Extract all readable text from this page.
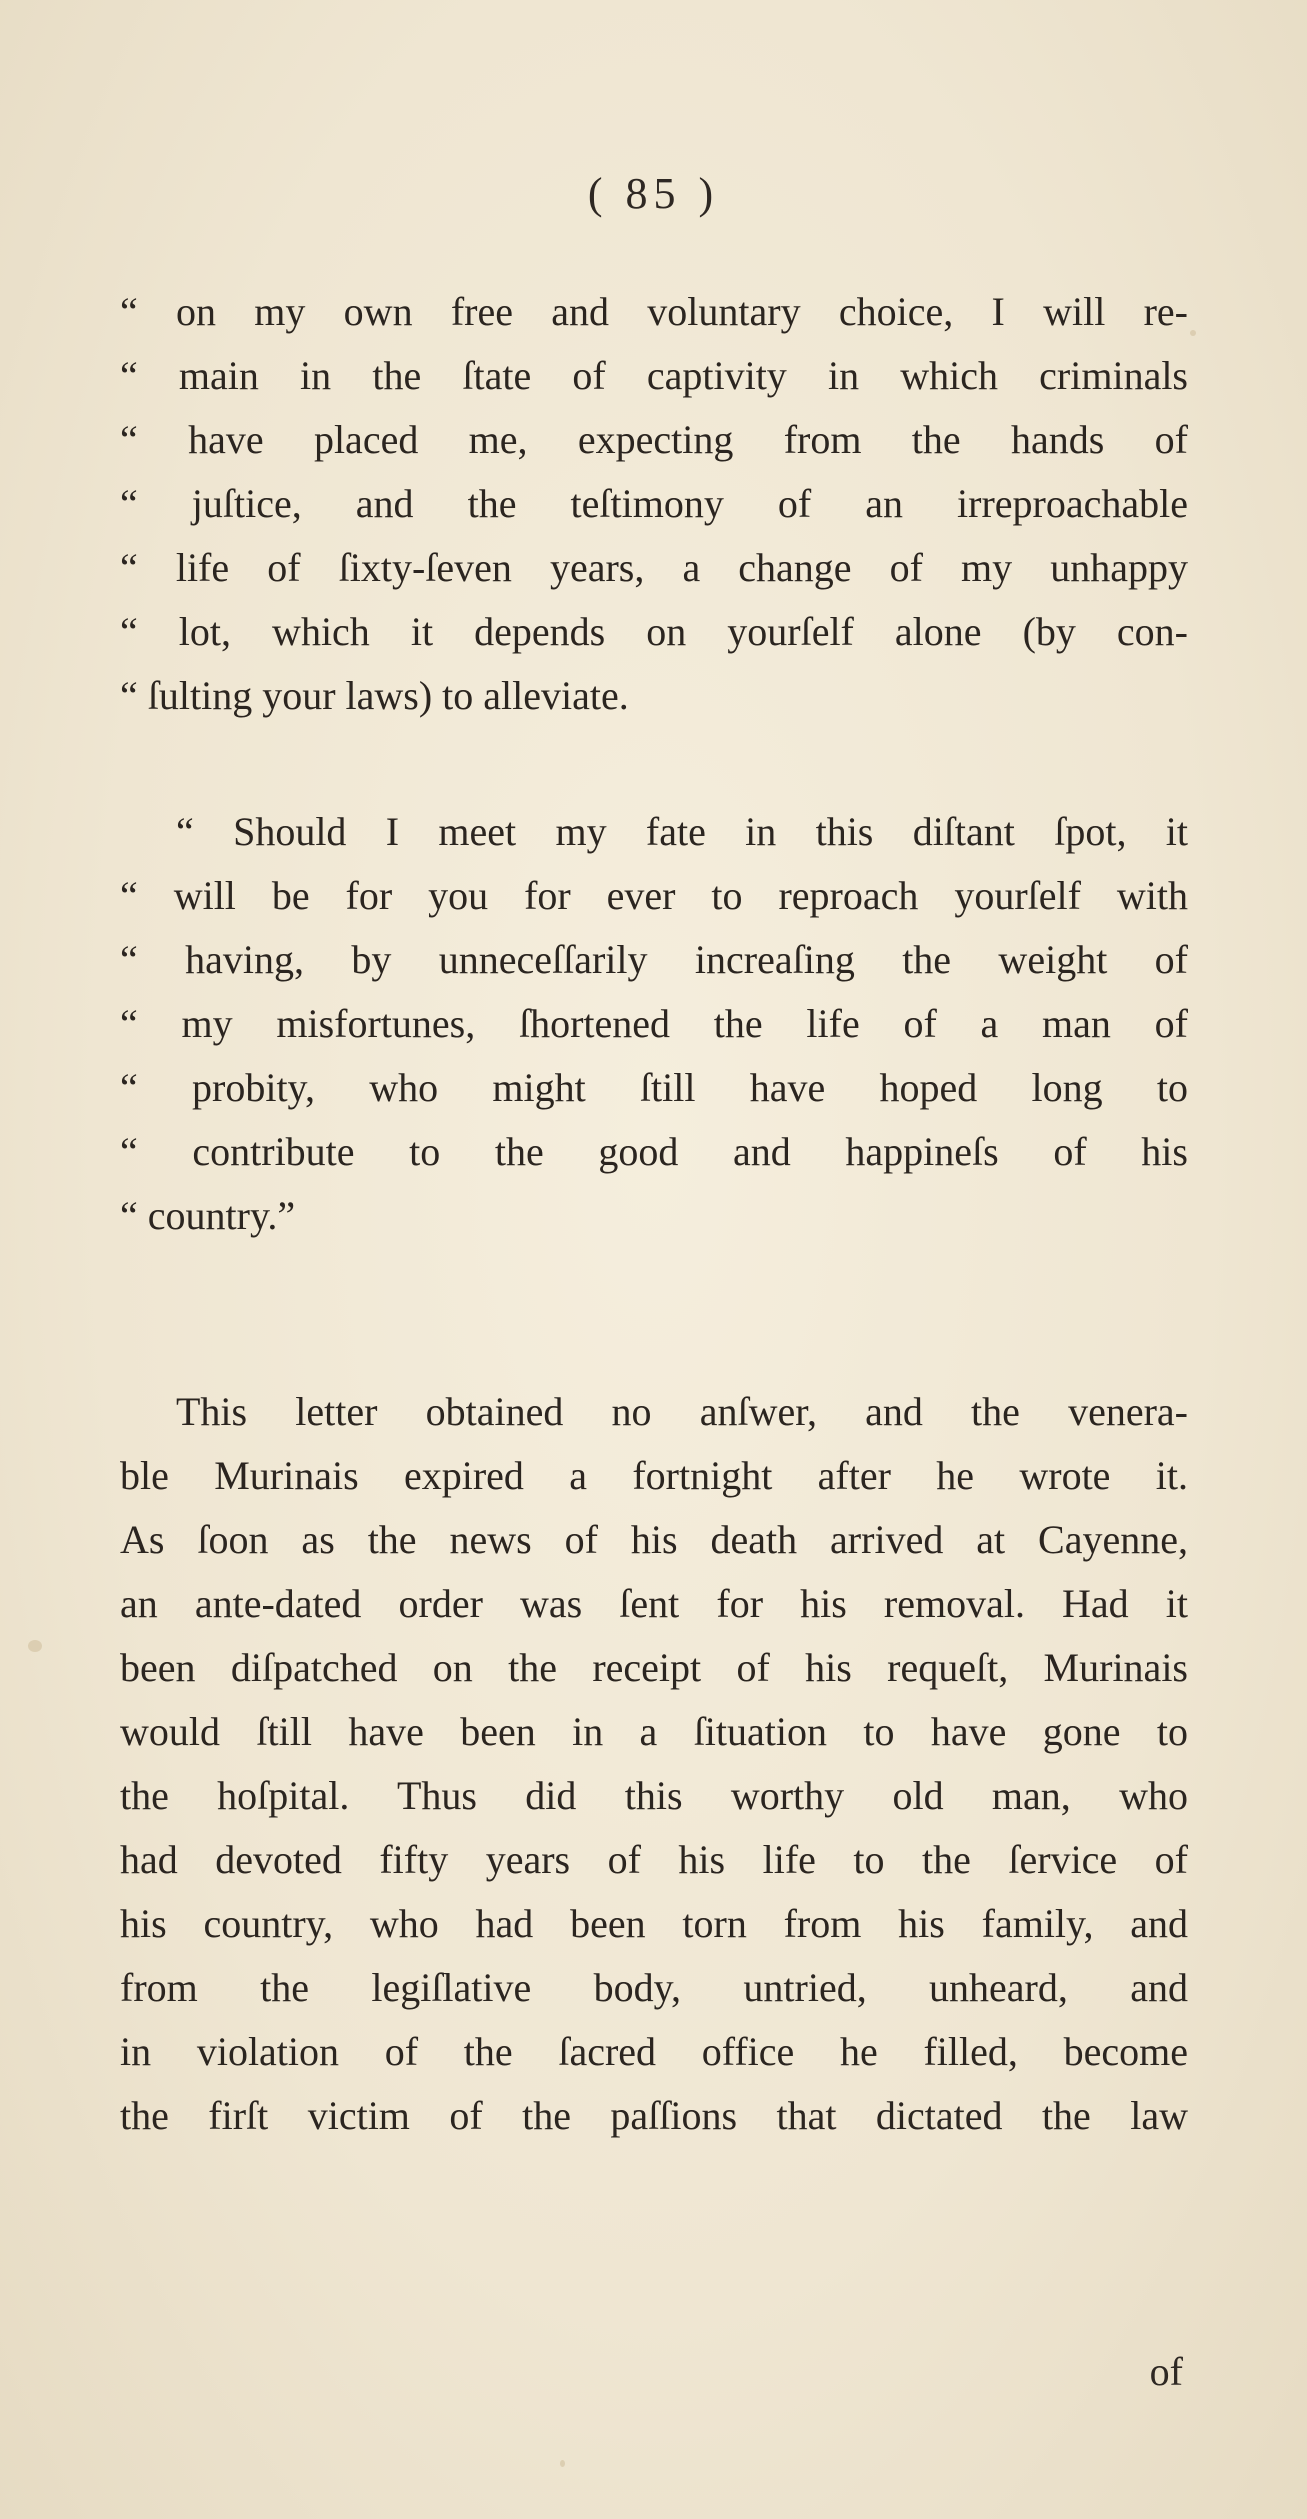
( 85 )
“ on my own free and voluntary choice, I will re-
“ main in the ſtate of captivity in which criminals
“ have placed me, expecting from the hands of
“ juſtice, and the teſtimony of an irreproachable
“ life of ſixty-ſeven years, a change of my unhappy
“ lot, which it depends on yourſelf alone (by con-
“ ſulting your laws) to alleviate.
“ Should I meet my fate in this diſtant ſpot, it
“ will be for you for ever to reproach yourſelf with
“ having, by unneceſſarily increaſing the weight of
“ my misfortunes, ſhortened the life of a man of
“ probity, who might ſtill have hoped long to
“ contribute to the good and happineſs of his
“ country.”
This letter obtained no anſwer, and the venera-
ble Murinais expired a fortnight after he wrote it.
As ſoon as the news of his death arrived at Cayenne,
an ante-dated order was ſent for his removal. Had it
been diſpatched on the receipt of his requeſt, Murinais
would ſtill have been in a ſituation to have gone to
the hoſpital. Thus did this worthy old man, who
had devoted fifty years of his life to the ſervice of
his country, who had been torn from his family, and
from the legiſlative body, untried, unheard, and
in violation of the ſacred office he filled, become
the firſt victim of the paſſions that dictated the law
of
